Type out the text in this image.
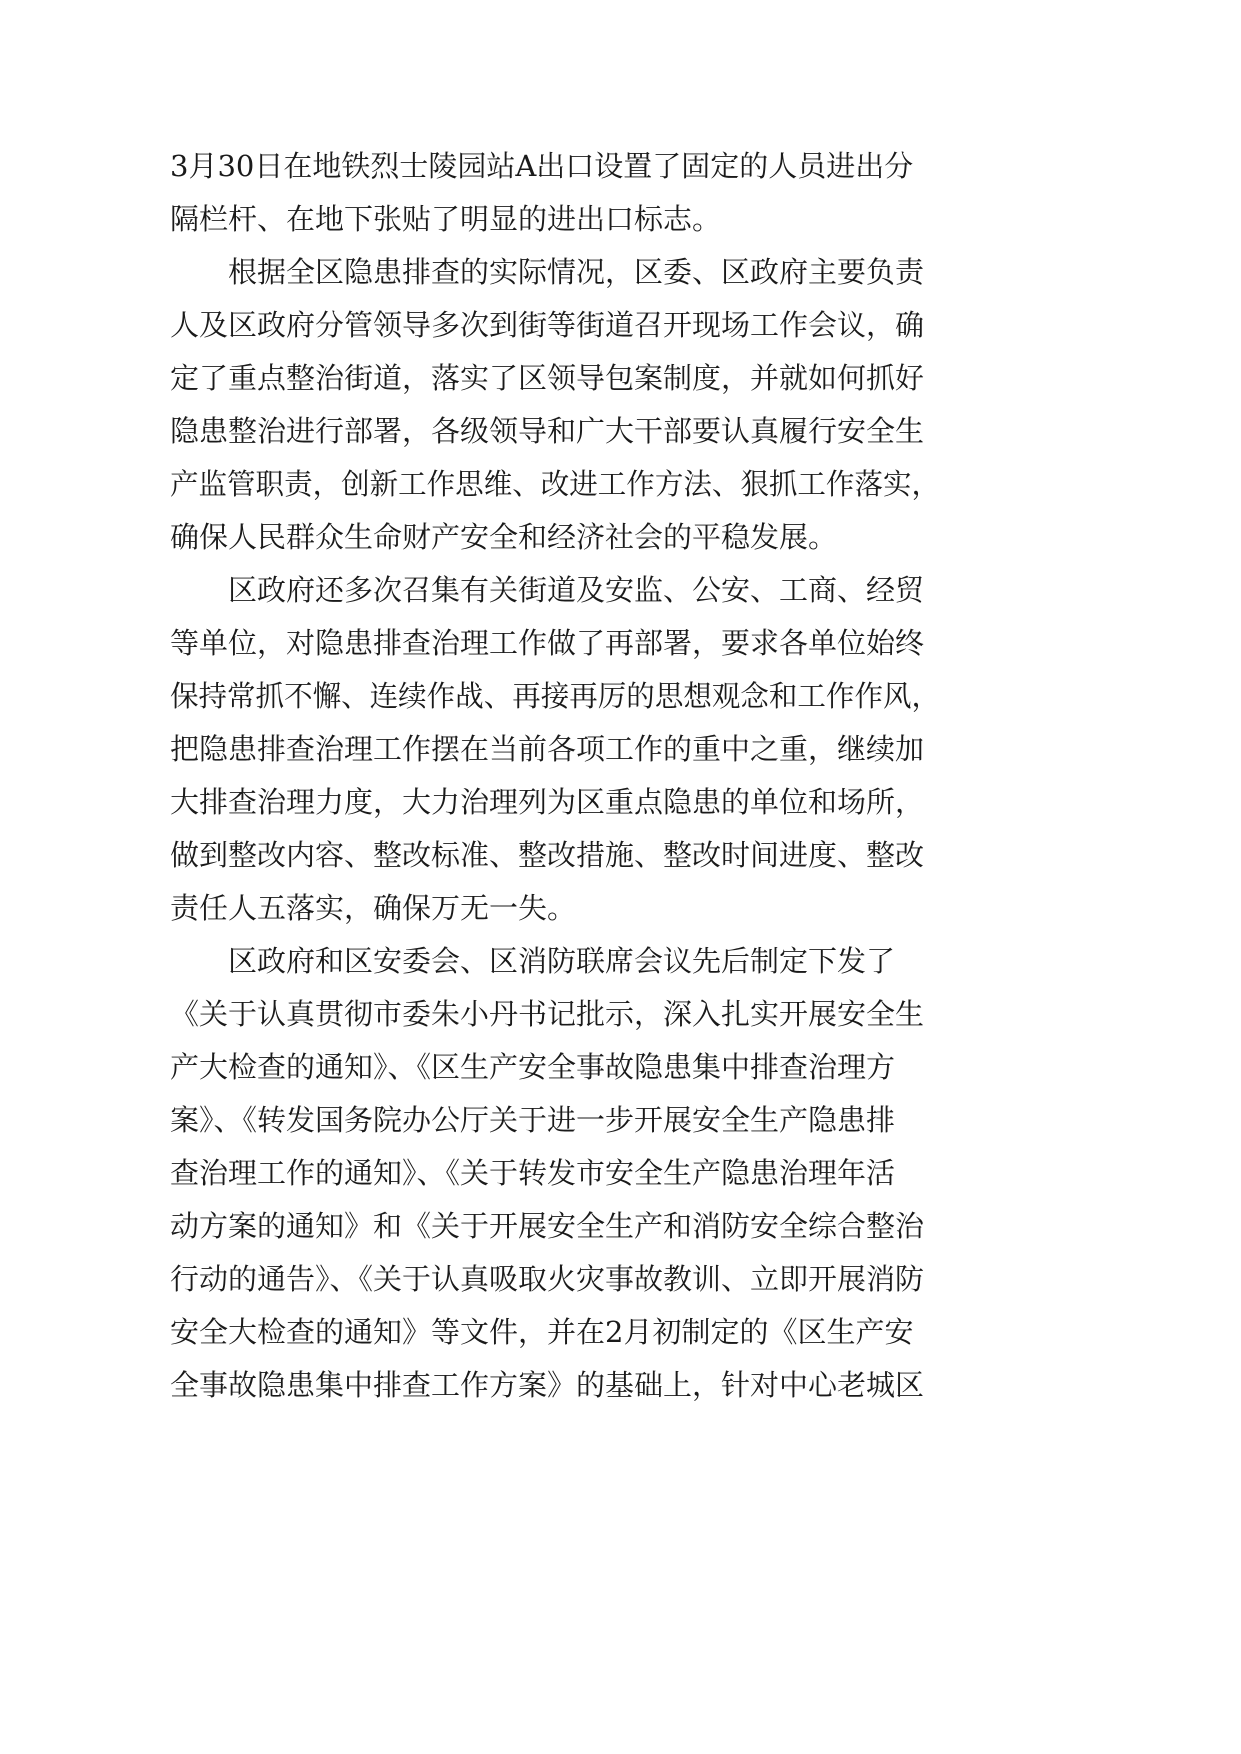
3月30日在地铁烈士陵园站A出口设置了固定的人员进出分
隔栏杆、在地下张贴了明显的进出口标志。
根据全区隐患排查的实际情况，区委、区政府主要负责
人及区政府分管领导多次到街等街道召开现场工作会议，确
定了重点整治街道，落实了区领导包案制度，并就如何抓好
隐患整治进行部署，各级领导和广大干部要认真履行安全生
产监管职责，创新工作思维、改进工作方法、狠抓工作落实，
确保人民群众生命财产安全和经济社会的平稳发展。
区政府还多次召集有关街道及安监、公安、工商、经贸
等单位，对隐患排查治理工作做了再部署，要求各单位始终
保持常抓不懈、连续作战、再接再厉的思想观念和工作作风，
把隐患排查治理工作摆在当前各项工作的重中之重，继续加
大排查治理力度，大力治理列为区重点隐患的单位和场所，
做到整改内容、整改标准、整改措施、整改时间进度、整改
责任人五落实，确保万无一失。
区政府和区安委会、区消防联席会议先后制定下发了
《关于认真贯彻市委朱小丹书记批示，深入扎实开展安全生
产大检查的通知》、《区生产安全事故隐患集中排查治理方
案》、《转发国务院办公厅关于进一步开展安全生产隐患排
查治理工作的通知》、《关于转发市安全生产隐患治理年活
动方案的通知》和《关于开展安全生产和消防安全综合整治
行动的通告》、《关于认真吸取火灾事故教训、立即开展消防
安全大检查的通知》等文件，并在2月初制定的《区生产安
全事故隐患集中排查工作方案》的基础上，针对中心老城区
